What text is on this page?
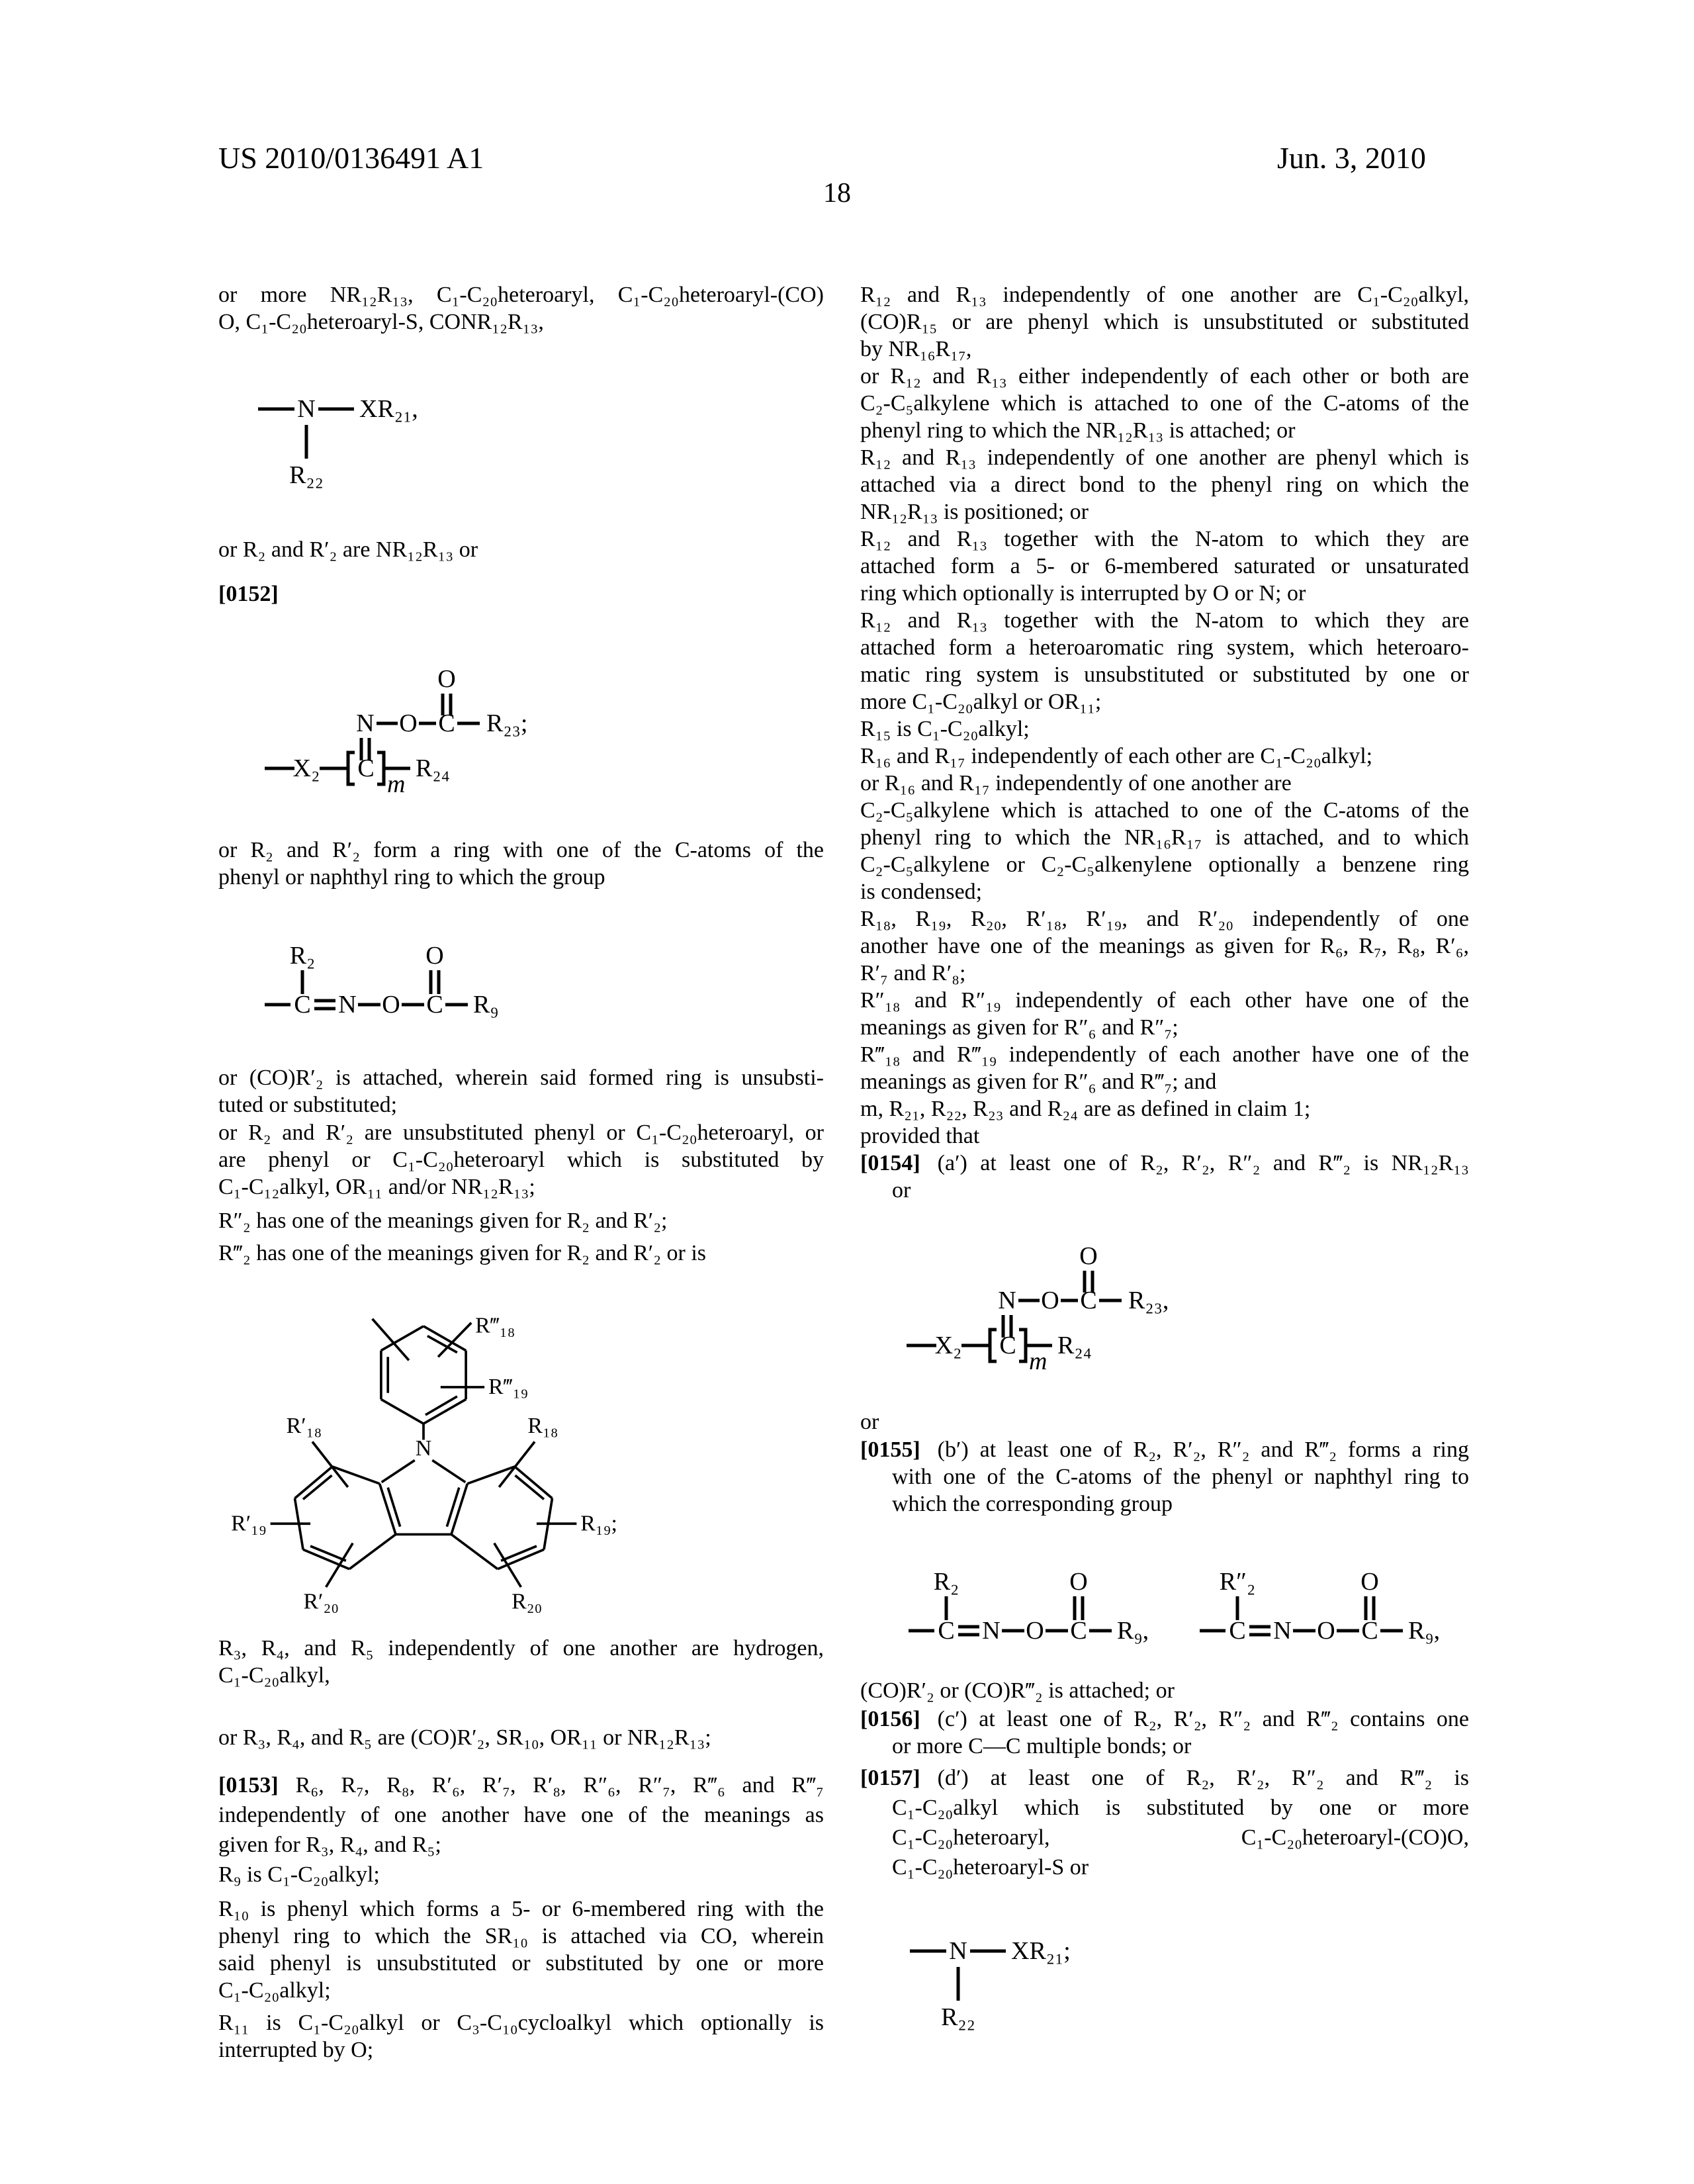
US 2010/0136491 A1	Jun. 3, 2010
18
or more NR₁₂R₁₃, C₁-C₂₀heteroaryl, C₁-C₂₀heteroaryl-(CO)
O, C₁-C₂₀heteroaryl-S, CONR₁₂R₁₃,
or R₂ and R′₂ are NR₁₂R₁₃ or
[0152]
or R₂ and R′₂ form a ring with one of the C-atoms of the
phenyl or naphthyl ring to which the group
or (CO)R′₂ is attached, wherein said formed ring is unsubsti-
tuted or substituted;
or R₂ and R′₂ are unsubstituted phenyl or C₁-C₂₀heteroaryl, or
are phenyl or C₁-C₂₀heteroaryl which is substituted by
C₁-C₁₂alkyl, OR₁₁ and/or NR₁₂R₁₃;
R″₂ has one of the meanings given for R₂ and R′₂;
R‴₂ has one of the meanings given for R₂ and R′₂ or is
R₃, R₄, and R₅ independently of one another are hydrogen,
C₁-C₂₀alkyl,
or R₃, R₄, and R₅ are (CO)R′₂, SR₁₀, OR₁₁ or NR₁₂R₁₃;
[0153] R₆, R₇, R₈, R′₆, R′₇, R′₈, R″₆, R″₇, R‴₆ and R‴₇
independently of one another have one of the meanings as
given for R₃, R₄, and R₅;
R₉ is C₁-C₂₀alkyl;
R₁₀ is phenyl which forms a 5- or 6-membered ring with the
phenyl ring to which the SR₁₀ is attached via CO, wherein
said phenyl is unsubstituted or substituted by one or more
C₁-C₂₀alkyl;
R₁₁ is C₁-C₂₀alkyl or C₃-C₁₀cycloalkyl which optionally is
interrupted by O;
N XR₂₁,
R₂₂
O
N O C R₂₃;
X₂ C
m
R₂₄
R₂	O
C N O C R₉
N
R‴₁₈
R‴₁₉
R′₁₈
R′₁₉
R′₂₀
R₁₈
R₁₉;
R₂₀
R₁₂ and R₁₃ independently of one another are C₁-C₂₀alkyl,
(CO)R₁₅ or are phenyl which is unsubstituted or substituted
by NR₁₆R₁₇,
or R₁₂ and R₁₃ either independently of each other or both are
C₂-C₅alkylene which is attached to one of the C-atoms of the
phenyl ring to which the NR₁₂R₁₃ is attached; or
R₁₂ and R₁₃ independently of one another are phenyl which is
attached via a direct bond to the phenyl ring on which the
NR₁₂R₁₃ is positioned; or
R₁₂ and R₁₃ together with the N-atom to which they are
attached form a 5- or 6-membered saturated or unsaturated
ring which optionally is interrupted by O or N; or
R₁₂ and R₁₃ together with the N-atom to which they are
attached form a heteroaromatic ring system, which heteroaro-
matic ring system is unsubstituted or substituted by one or
more C₁-C₂₀alkyl or OR₁₁;
R₁₅ is C₁-C₂₀alkyl;
R₁₆ and R₁₇ independently of each other are C₁-C₂₀alkyl;
or R₁₆ and R₁₇ independently of one another are
C₂-C₅alkylene which is attached to one of the C-atoms of the
phenyl ring to which the NR₁₆R₁₇ is attached, and to which
C₂-C₅alkylene or C₂-C₅alkenylene optionally a benzene ring
is condensed;
R₁₈, R₁₉, R₂₀, R′₁₈, R′₁₉, and R′₂₀ independently of one
another have one of the meanings as given for R₆, R₇, R₈, R′₆,
R′₇ and R′₈;
R″₁₈ and R″₁₉ independently of each other have one of the
meanings as given for R″₆ and R″₇;
R‴₁₈ and R‴₁₉ independently of each another have one of the
meanings as given for R″₆ and R‴₇; and
m, R₂₁, R₂₂, R₂₃ and R₂₄ are as defined in claim 1;
provided that
[0154] (a′) at least one of R₂, R′₂, R″₂ and R‴₂ is NR₁₂R₁₃
or
or
[0155] (b′) at least one of R₂, R′₂, R″₂ and R‴₂ forms a ring
with one of the C-atoms of the phenyl or naphthyl ring to
which the corresponding group
(CO)R′₂ or (CO)R‴₂ is attached; or
[0156] (c′) at least one of R₂, R′₂, R″₂ and R‴₂ contains one
or more C—C multiple bonds; or
[0157] (d′) at least one of R₂, R′₂, R″₂ and R‴₂ is
C₁-C₂₀alkyl which is substituted by one or more
C₁-C₂₀heteroaryl,	C₁-C₂₀heteroaryl-(CO)O,
C₁-C₂₀heteroaryl-S or
O
N O C R₂₃,
X₂ C
m
R₂₄
R₂	O
C N O C R₉,
R″₂	O
C N O C R₉,
N XR₂₁;
R₂₂
